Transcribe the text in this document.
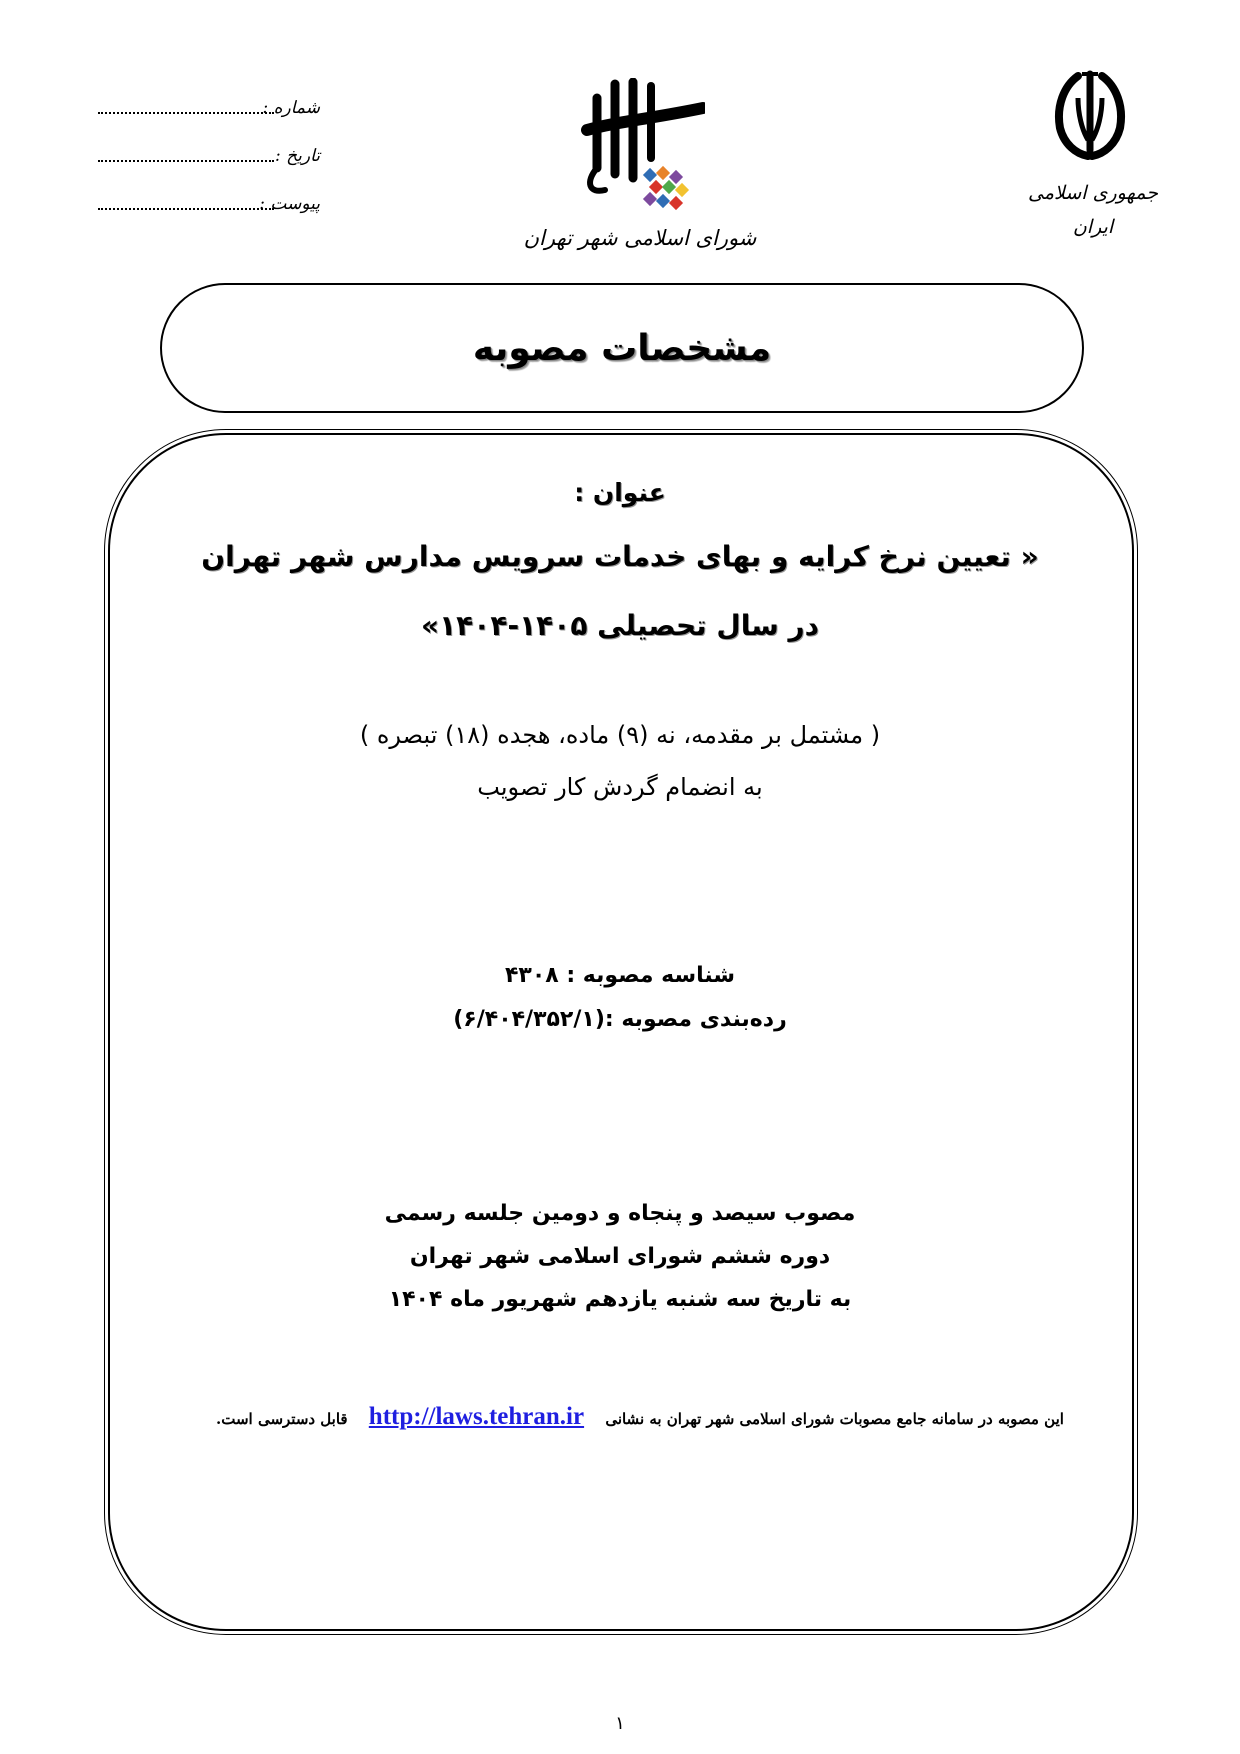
شماره :
تاریخ :
پیوست :
شورای اسلامی شهر تهران
جمهوری اسلامی ایران
مشخصات مصوبه
عنوان :
« تعیین نرخ کرایه و بهای خدمات سرویس مدارس شهر تهران
در سال تحصیلی ۱۴۰۵-۱۴۰۴»
( مشتمل بر مقدمه، نه (۹) ماده، هجده (۱۸) تبصره )
به انضمام گردش کار تصویب
شناسه مصوبه : ۴۳۰۸
رده‌بندی مصوبه :(۶/۴۰۴/۳۵۲/۱)
مصوب سیصد و پنجاه و دومین جلسه رسمی
دوره ششم شورای اسلامی شهر تهران
به تاریخ سه شنبه یازدهم شهریور ماه ۱۴۰۴
این مصوبه در سامانه جامع مصوبات شورای اسلامی شهر تهران به نشانی http://laws.tehran.ir قابل دسترسی است.
۱
